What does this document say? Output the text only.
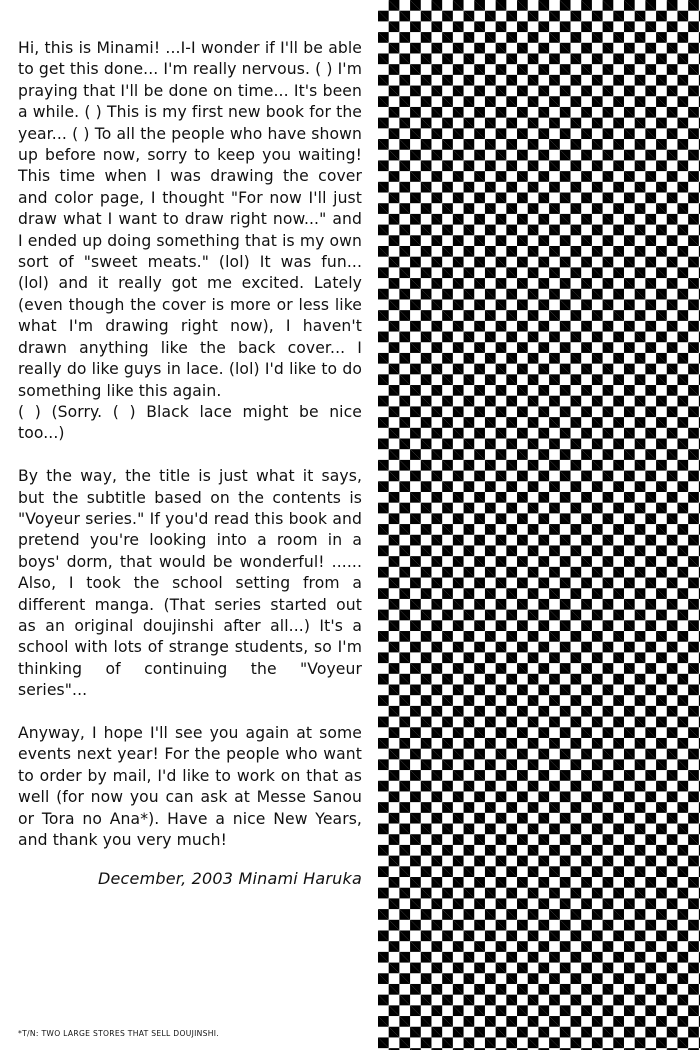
Hi, this is Minami! ...I-I wonder if I'll be able to get this done... I'm really nervous. ( ) I'm praying that I'll be done on time... It's been a while. ( ) This is my first new book for the year... ( ) To all the people who have shown up before now, sorry to keep you waiting! This time when I was drawing the cover and color page, I thought "For now I'll just draw what I want to draw right now..." and I ended up doing something that is my own sort of "sweet meats." (lol) It was fun... (lol) and it really got me excited. Lately (even though the cover is more or less like what I'm drawing right now), I haven't drawn anything like the back cover... I really do like guys in lace. (lol) I'd like to do something like this again.
( ) (Sorry. ( ) Black lace might be nice too...)

By the way, the title is just what it says, but the subtitle based on the contents is "Voyeur series." If you'd read this book and pretend you're looking into a room in a boys' dorm, that would be wonderful! ...... Also, I took the school setting from a different manga. (That series started out as an original doujinshi after all...) It's a school with lots of strange students, so I'm thinking of continuing the "Voyeur series"...

Anyway, I hope I'll see you again at some events next year! For the people who want to order by mail, I'd like to work on that as well (for now you can ask at Messe Sanou or Tora no Ana*). Have a nice New Years, and thank you very much!

December, 2003 Minami Haruka
*T/N: TWO LARGE STORES THAT SELL DOUJINSHI.
